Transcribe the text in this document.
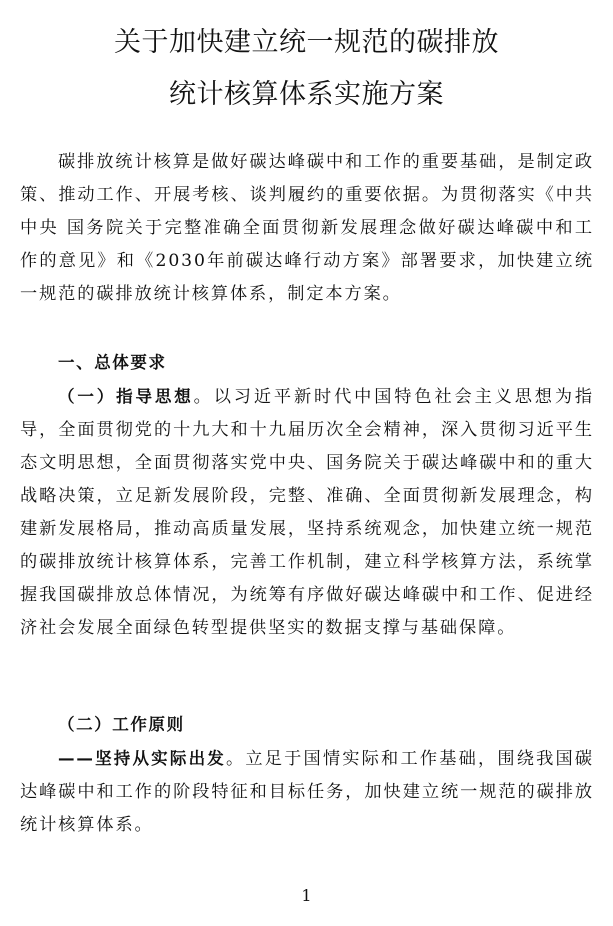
关于加快建立统一规范的碳排放
统计核算体系实施方案

碳排放统计核算是做好碳达峰碳中和工作的重要基础，是制定政策、推动工作、开展考核、谈判履约的重要依据。为贯彻落实《中共中央 国务院关于完整准确全面贯彻新发展理念做好碳达峰碳中和工作的意见》和《2030年前碳达峰行动方案》部署要求，加快建立统一规范的碳排放统计核算体系，制定本方案。

一、总体要求

（一）指导思想。以习近平新时代中国特色社会主义思想为指导，全面贯彻党的十九大和十九届历次全会精神，深入贯彻习近平生态文明思想，全面贯彻落实党中央、国务院关于碳达峰碳中和的重大战略决策，立足新发展阶段，完整、准确、全面贯彻新发展理念，构建新发展格局，推动高质量发展，坚持系统观念，加快建立统一规范的碳排放统计核算体系，完善工作机制，建立科学核算方法，系统掌握我国碳排放总体情况，为统筹有序做好碳达峰碳中和工作、促进经济社会发展全面绿色转型提供坚实的数据支撑与基础保障。

（二）工作原则

——坚持从实际出发。立足于国情实际和工作基础，围绕我国碳达峰碳中和工作的阶段特征和目标任务，加快建立统一规范的碳排放统计核算体系。

1
